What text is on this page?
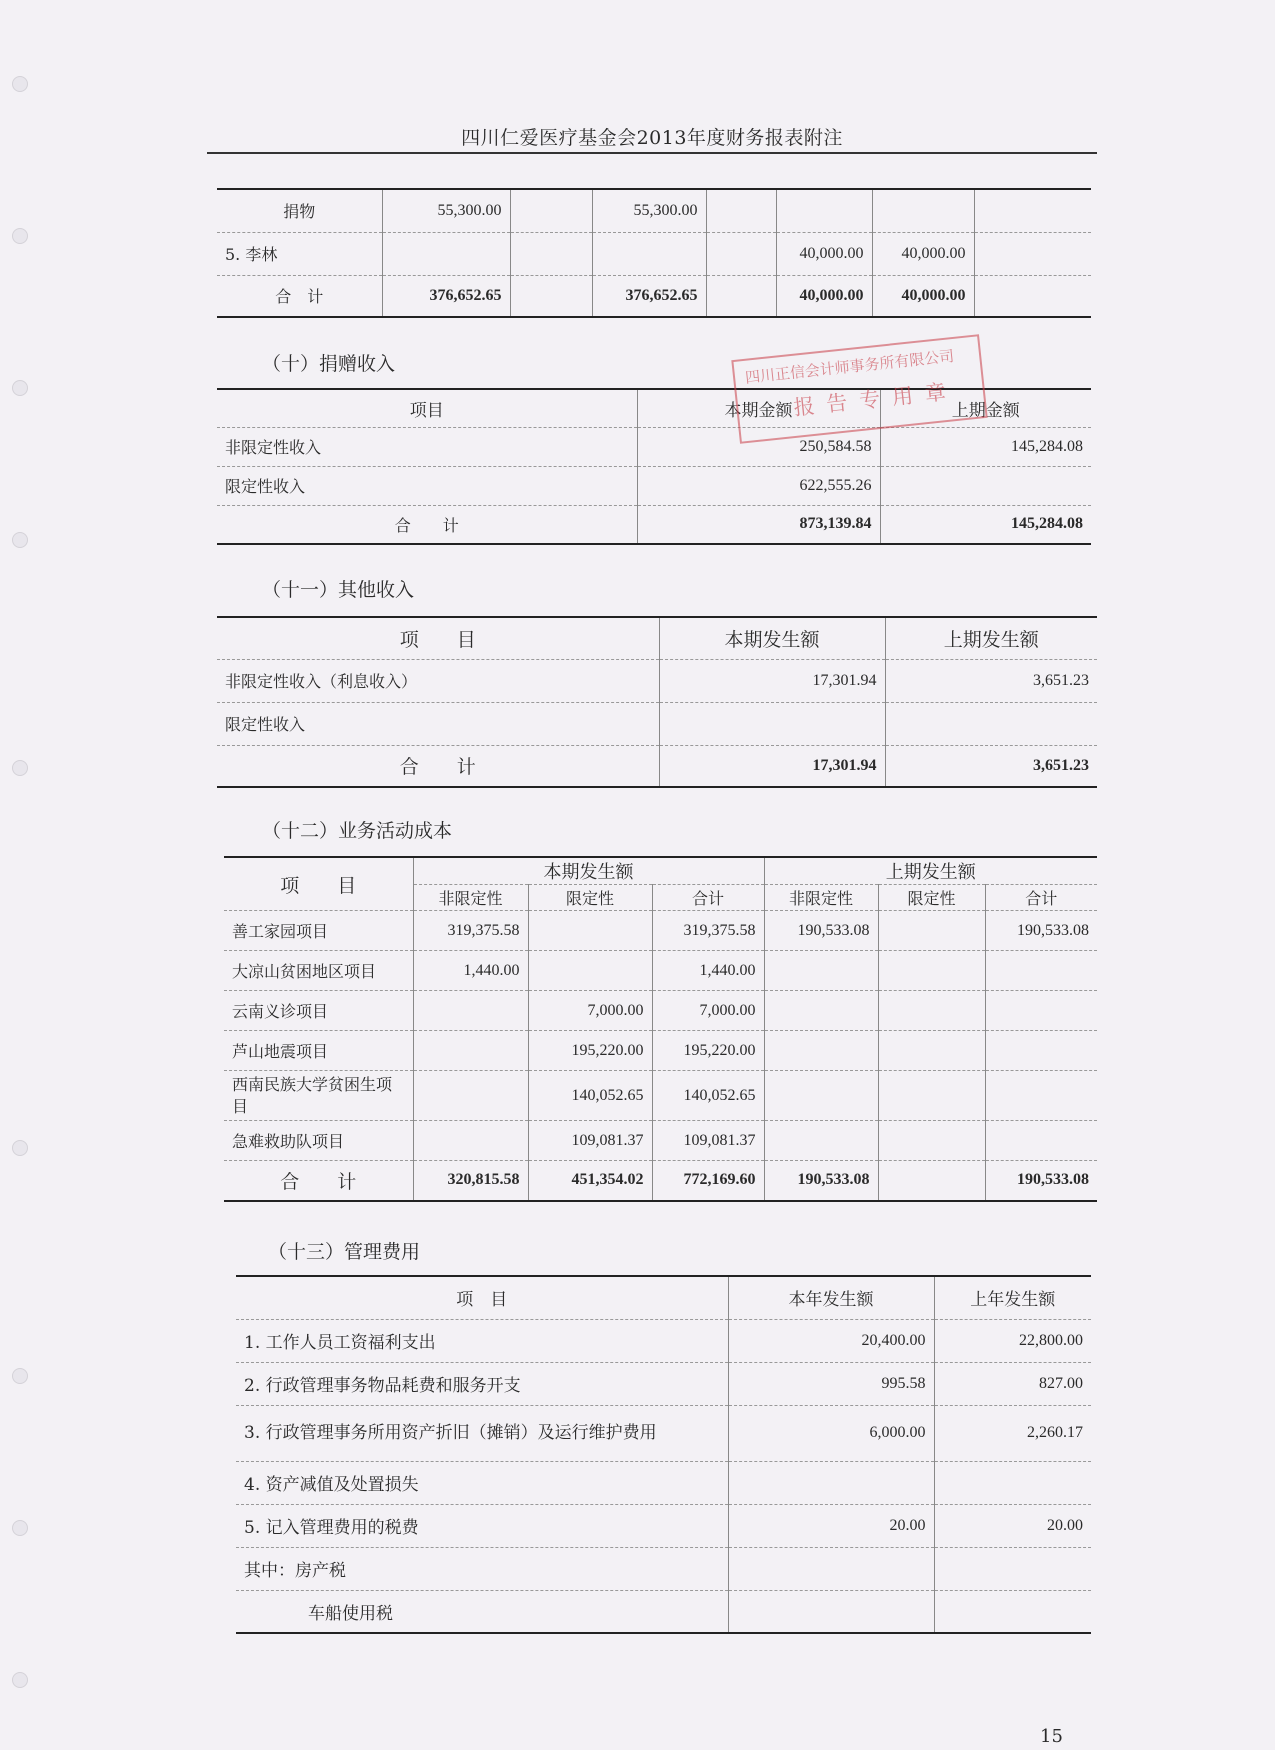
四川仁爱医疗基金会2013年度财务报表附注
捐物	55,300.00		55,300.00				
5. 李林					40,000.00	40,000.00	
合　计	376,652.65		376,652.65		40,000.00	40,000.00	
（十）捐赠收入
项目	本期金额	上期金额
非限定性收入	250,584.58	145,284.08
限定性收入	622,555.26	
合　　计	873,139.84	145,284.08
四川正信会计师事务所有限公司
报告专用章
（十一）其他收入
项　　目	本期发生额	上期发生额
非限定性收入（利息收入）	17,301.94	3,651.23
限定性收入		
合　　计	17,301.94	3,651.23
（十二）业务活动成本
项　　目	本期发生额			上期发生额		
	非限定性	限定性	合计	非限定性	限定性	合计
善工家园项目	319,375.58		319,375.58	190,533.08		190,533.08
大凉山贫困地区项目	1,440.00		1,440.00			
云南义诊项目		7,000.00	7,000.00			
芦山地震项目		195,220.00	195,220.00			
西南民族大学贫困生项目		140,052.65	140,052.65			
急难救助队项目		109,081.37	109,081.37			
合　　计	320,815.58	451,354.02	772,169.60	190,533.08		190,533.08
（十三）管理费用
项　目	本年发生额	上年发生额
1. 工作人员工资福利支出	20,400.00	22,800.00
2. 行政管理事务物品耗费和服务开支	995.58	827.00
3. 行政管理事务所用资产折旧（摊销）及运行维护费用	6,000.00	2,260.17
4. 资产减值及处置损失		
5. 记入管理费用的税费	20.00	20.00
其中：房产税		
车船使用税		
15
